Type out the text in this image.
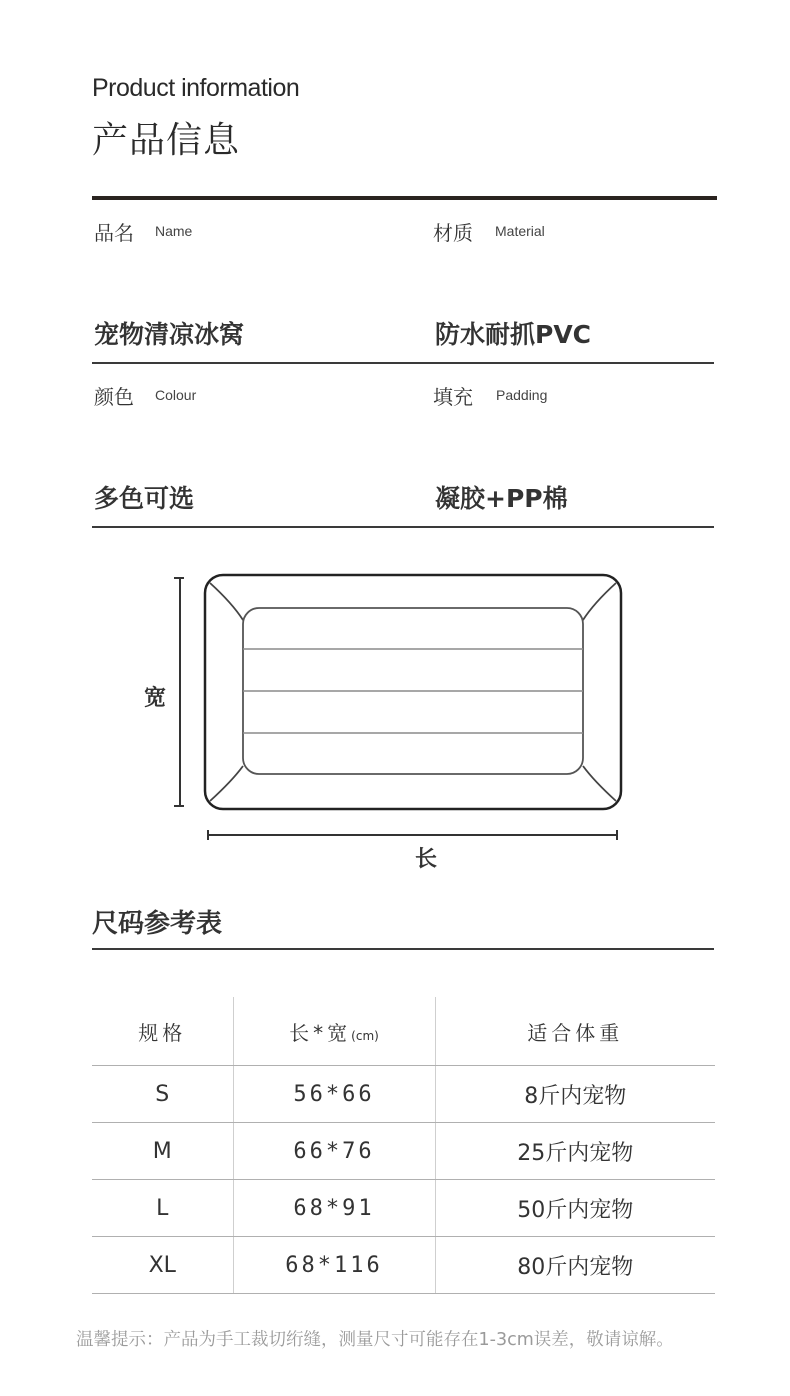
Product information
产品信息
品名 Name	材质 Material
宠物清凉冰窝	防水耐抓PVC
颜色 Colour	填充 Padding
多色可选	凝胶+PP棉
宽
长
尺码参考表
规格	长*宽(cm)	适合体重
S	56*66	8斤内宠物
M	66*76	25斤内宠物
L	68*91	50斤内宠物
XL	68*116	80斤内宠物
温馨提示：产品为手工裁切绗缝，测量尺寸可能存在1-3cm误差，敬请谅解。
